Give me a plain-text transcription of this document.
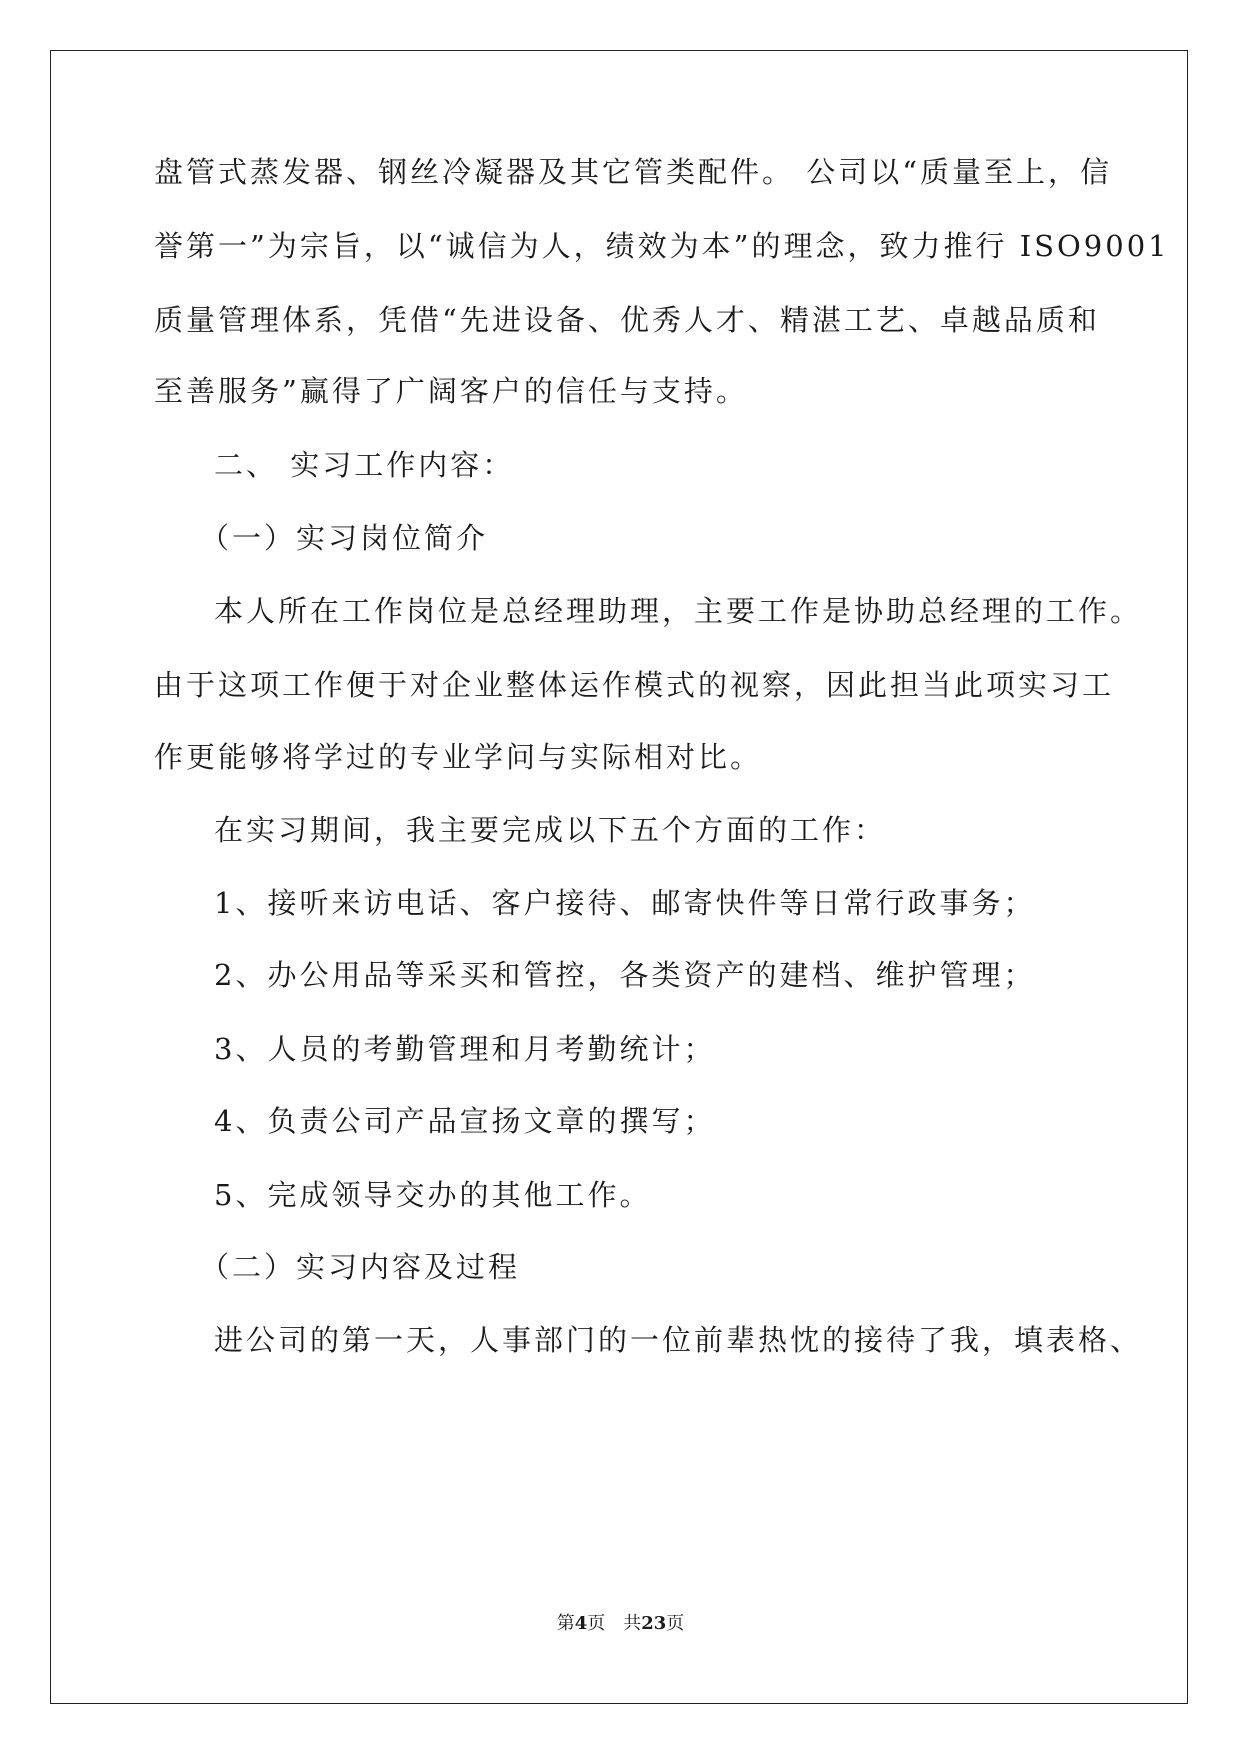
盘管式蒸发器、钢丝冷凝器及其它管类配件。 公司以“质量至上，信
誉第一”为宗旨，以“诚信为人，绩效为本”的理念，致力推行 ISO9001
质量管理体系，凭借“先进设备、优秀人才、精湛工艺、卓越品质和
至善服务”赢得了广阔客户的信任与支持。
二、 实习工作内容：
（一）实习岗位简介
本人所在工作岗位是总经理助理，主要工作是协助总经理的工作。
由于这项工作便于对企业整体运作模式的视察，因此担当此项实习工
作更能够将学过的专业学问与实际相对比。
在实习期间，我主要完成以下五个方面的工作：
1、接听来访电话、客户接待、邮寄快件等日常行政事务；
2、办公用品等采买和管控，各类资产的建档、维护管理；
3、人员的考勤管理和月考勤统计；
4、负责公司产品宣扬文章的撰写；
5、完成领导交办的其他工作。
（二）实习内容及过程
进公司的第一天，人事部门的一位前辈热忱的接待了我，填表格、
第4页　共23页
